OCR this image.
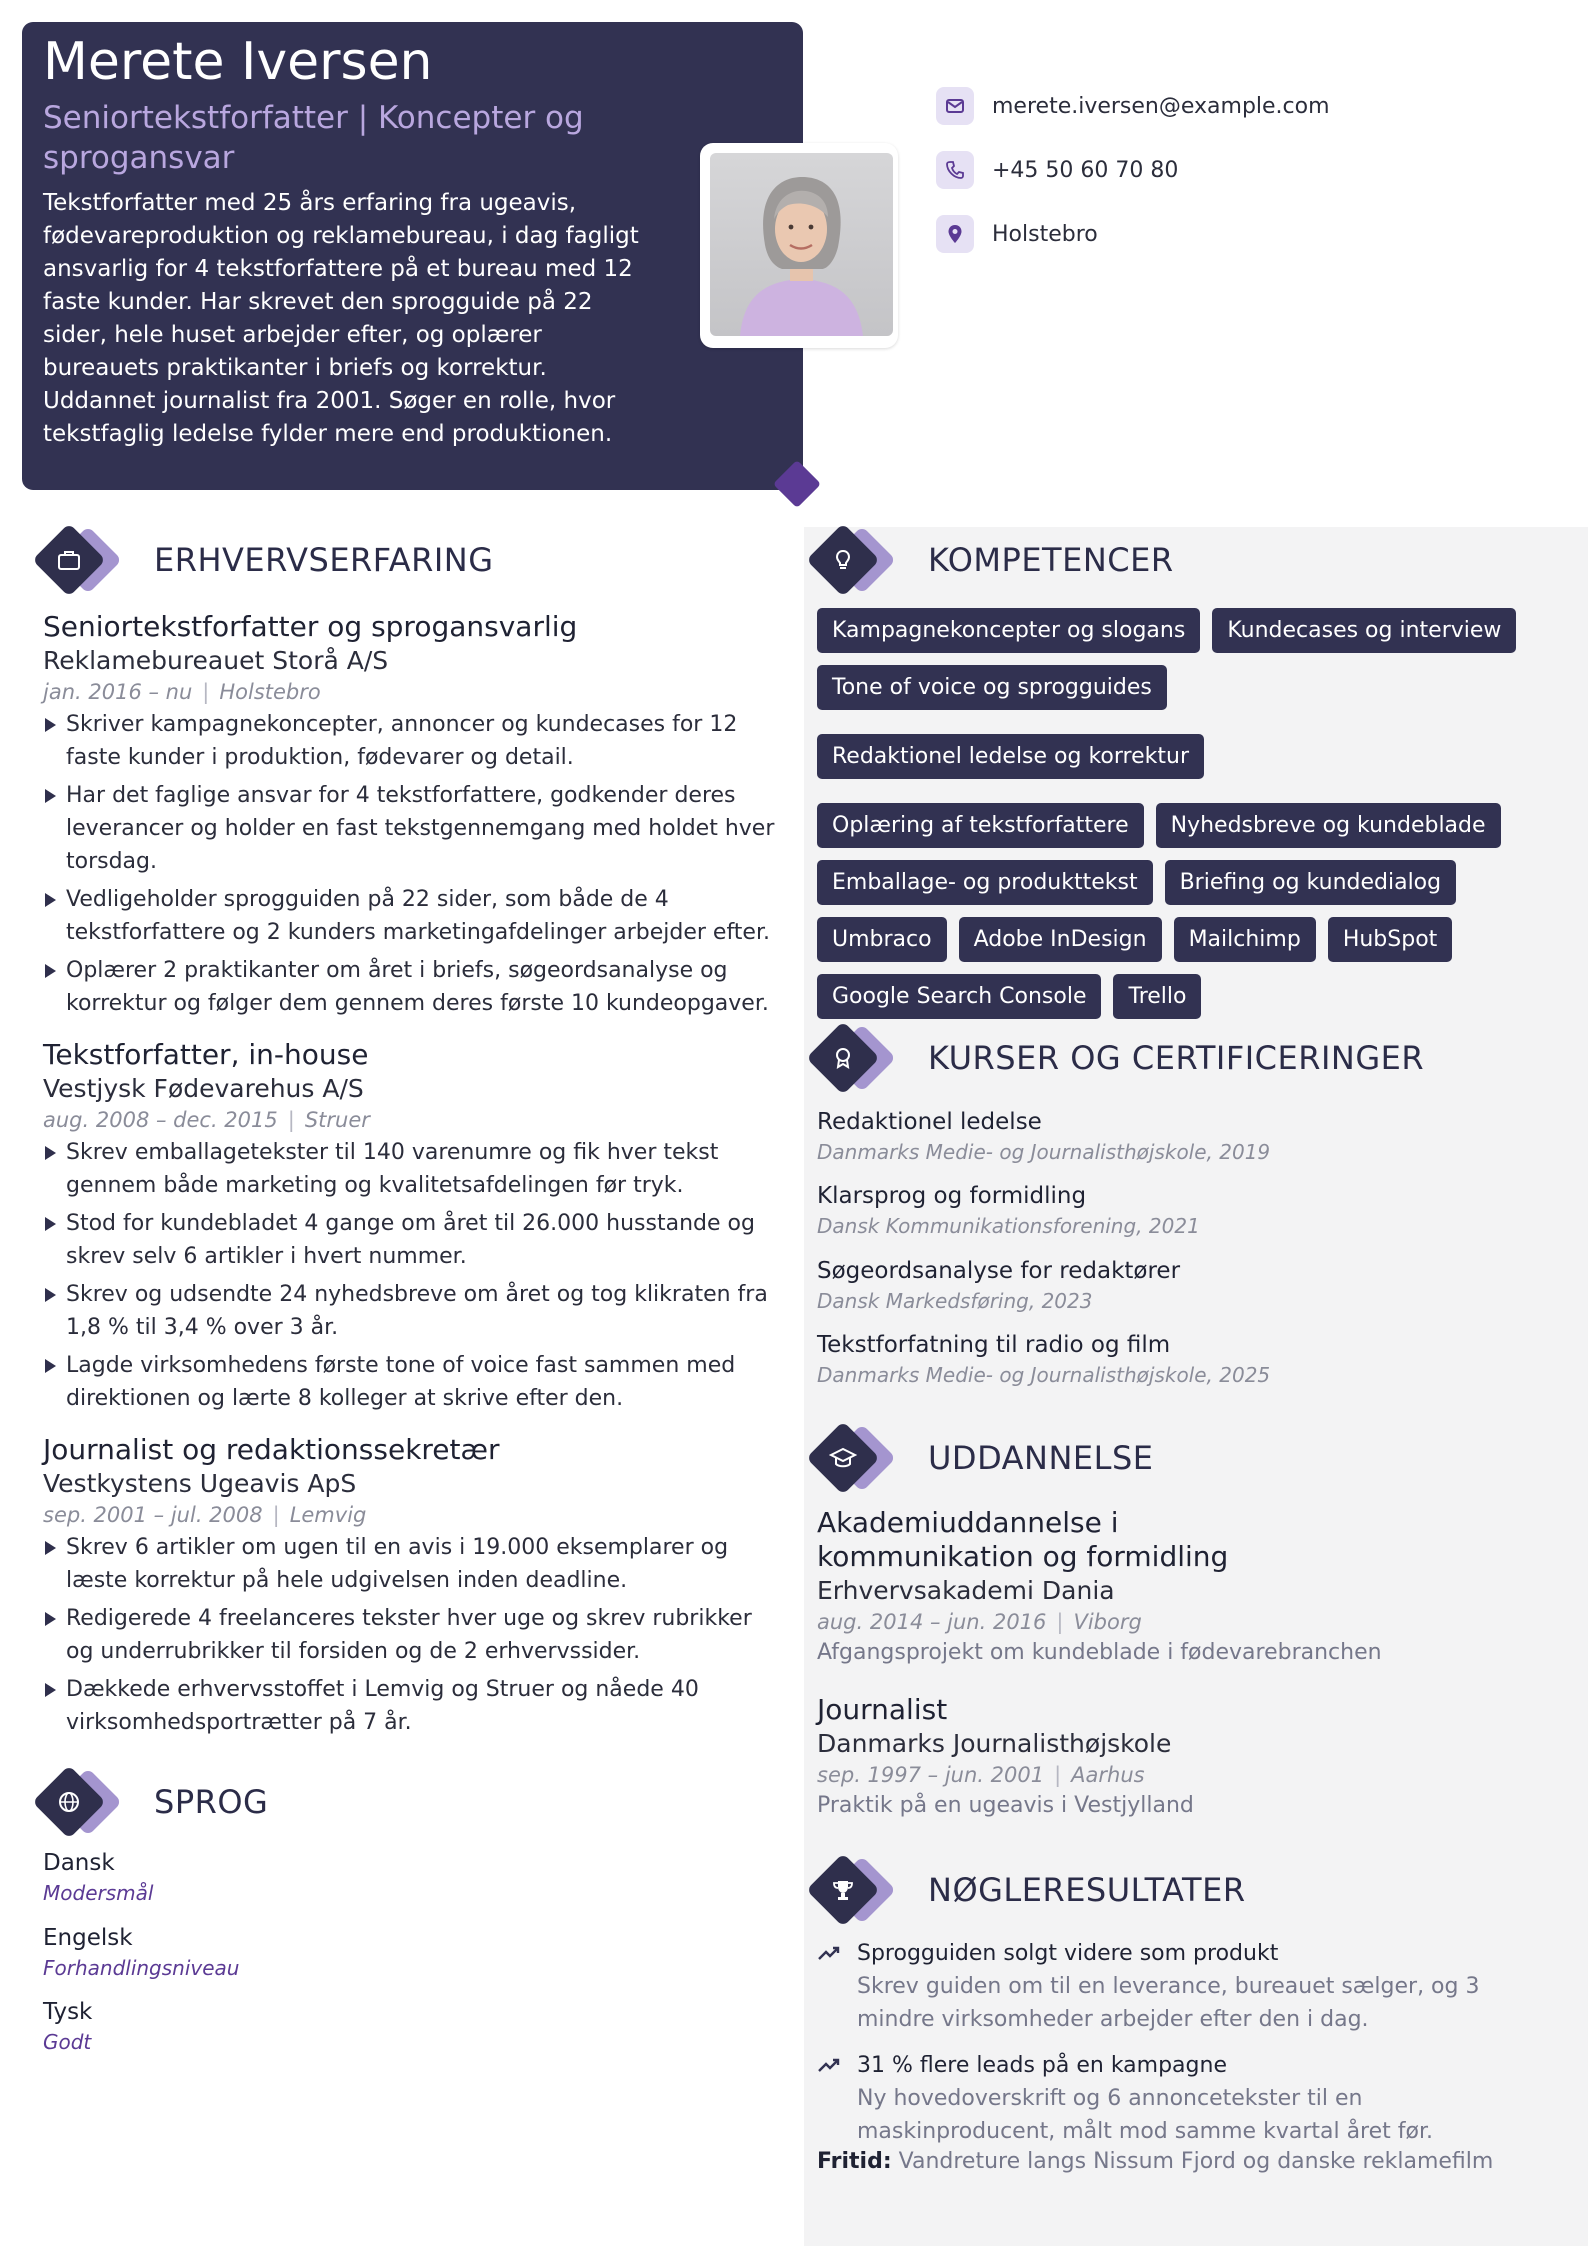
Merete Iversen
Seniortekstforfatter | Koncepter og sprogansvar
Tekstforfatter med 25 års erfaring fra ugeavis, fødevareproduktion og reklamebureau, i dag fagligt ansvarlig for 4 tekstforfattere på et bureau med 12 faste kunder. Har skrevet den sprogguide på 22 sider, hele huset arbejder efter, og oplærer bureauets praktikanter i briefs og korrektur. Uddannet journalist fra 2001. Søger en rolle, hvor tekstfaglig ledelse fylder mere end produktionen.
merete.iversen@example.com
+45 50 60 70 80
Holstebro
ERHVERVSERFARING
Seniortekstforfatter og sprogansvarlig
Reklamebureauet Storå A/S
jan. 2016 – nu | Holstebro
Skriver kampagnekoncepter, annoncer og kundecases for 12 faste kunder i produktion, fødevarer og detail.
Har det faglige ansvar for 4 tekstforfattere, godkender deres leverancer og holder en fast tekstgennemgang med holdet hver torsdag.
Vedligeholder sprogguiden på 22 sider, som både de 4 tekstforfattere og 2 kunders marketingafdelinger arbejder efter.
Oplærer 2 praktikanter om året i briefs, søgeordsanalyse og korrektur og følger dem gennem deres første 10 kundeopgaver.
Tekstforfatter, in-house
Vestjysk Fødevarehus A/S
aug. 2008 – dec. 2015 | Struer
Skrev emballagetekster til 140 varenumre og fik hver tekst gennem både marketing og kvalitetsafdelingen før tryk.
Stod for kundebladet 4 gange om året til 26.000 husstande og skrev selv 6 artikler i hvert nummer.
Skrev og udsendte 24 nyhedsbreve om året og tog klikraten fra 1,8 % til 3,4 % over 3 år.
Lagde virksomhedens første tone of voice fast sammen med direktionen og lærte 8 kolleger at skrive efter den.
Journalist og redaktionssekretær
Vestkystens Ugeavis ApS
sep. 2001 – jul. 2008 | Lemvig
Skrev 6 artikler om ugen til en avis i 19.000 eksemplarer og læste korrektur på hele udgivelsen inden deadline.
Redigerede 4 freelanceres tekster hver uge og skrev rubrikker og underrubrikker til forsiden og de 2 erhvervssider.
Dækkede erhvervsstoffet i Lemvig og Struer og nåede 40 virksomhedsportrætter på 7 år.
SPROG
Dansk
Modersmål
Engelsk
Forhandlingsniveau
Tysk
Godt
KOMPETENCER
Kampagnekoncepter og slogans	Kundecases og interview
Tone of voice og sprogguides
Redaktionel ledelse og korrektur
Oplæring af tekstforfattere	Nyhedsbreve og kundeblade
Emballage- og produkttekst	Briefing og kundedialog
Umbraco	Adobe InDesign	Mailchimp	HubSpot
Google Search Console	Trello
KURSER OG CERTIFICERINGER
Redaktionel ledelse
Danmarks Medie- og Journalisthøjskole, 2019
Klarsprog og formidling
Dansk Kommunikationsforening, 2021
Søgeordsanalyse for redaktører
Dansk Markedsføring, 2023
Tekstforfatning til radio og film
Danmarks Medie- og Journalisthøjskole, 2025
UDDANNELSE
Akademiuddannelse i kommunikation og formidling
Erhvervsakademi Dania
aug. 2014 – jun. 2016 | Viborg
Afgangsprojekt om kundeblade i fødevarebranchen
Journalist
Danmarks Journalisthøjskole
sep. 1997 – jun. 2001 | Aarhus
Praktik på en ugeavis i Vestjylland
NØGLERESULTATER
Sprogguiden solgt videre som produkt
Skrev guiden om til en leverance, bureauet sælger, og 3 mindre virksomheder arbejder efter den i dag.
31 % flere leads på en kampagne
Ny hovedoverskrift og 6 annoncetekster til en maskinproducent, målt mod samme kvartal året før.
Fritid: Vandreture langs Nissum Fjord og danske reklamefilm
